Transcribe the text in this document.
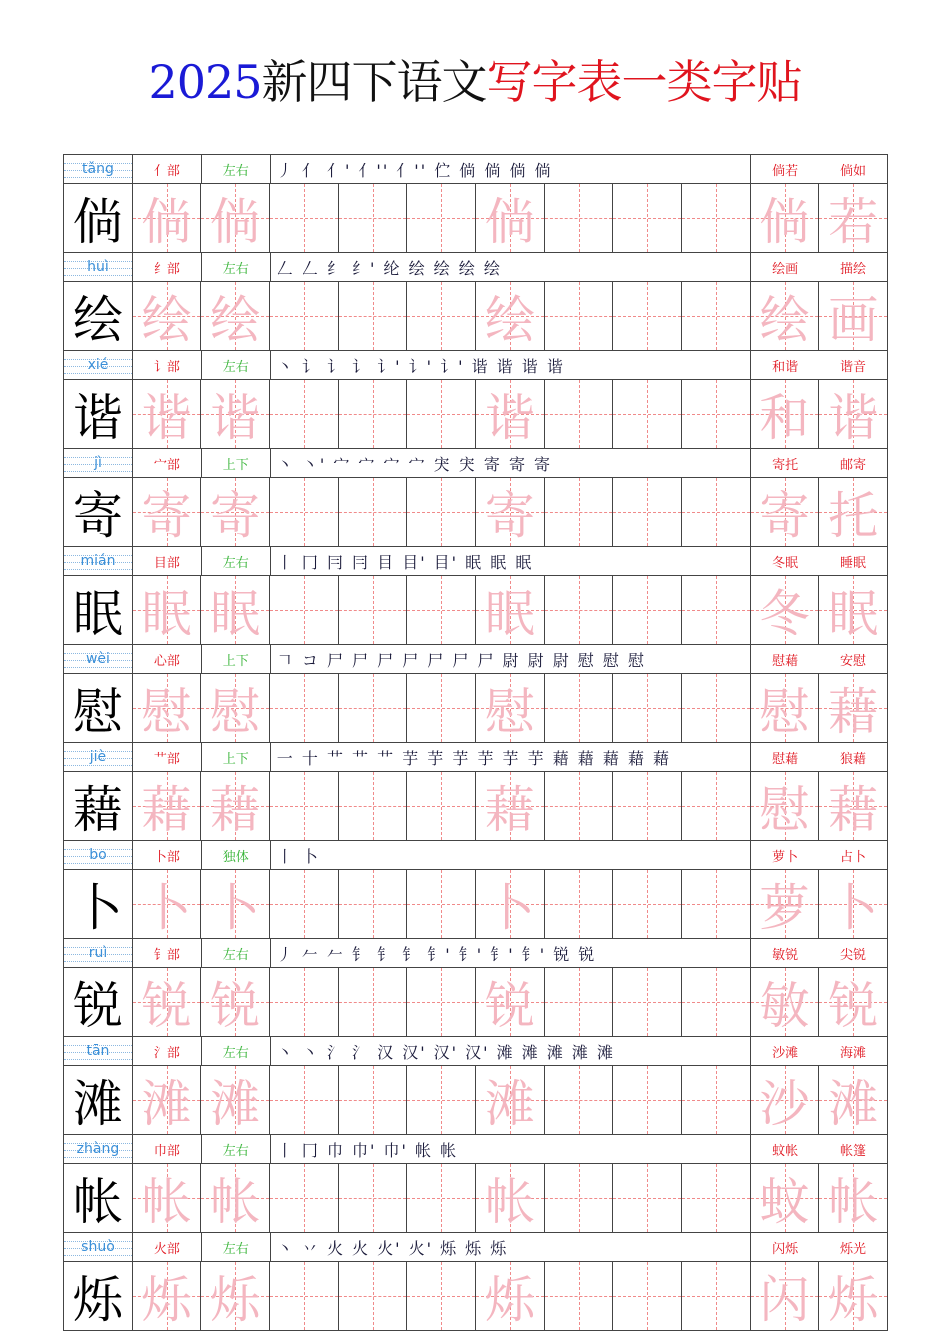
2025新四下语文写字表一类字贴
tǎng	亻部	左右 丿 亻 亻' 亻'' 亻'' 伫 倘 倘 倘 倘	倘若	倘如
倘 倘 倘	倘	倘 若
huì	纟部	左右 𠃋 𠃋 纟 纟' 纶 绘 绘 绘 绘	绘画	描绘
绘 绘 绘	绘	绘 画
xié	讠部	左右 丶 讠 讠 讠 讠' 讠' 讠' 谐 谐 谐 谐	和谐	谐音
谐 谐 谐	谐	和 谐
jì	宀部	上下 丶 丶' 宀 宀 宀 宀 宊 宊 寄 寄 寄	寄托	邮寄
寄 寄 寄	寄	寄 托
mián	目部	左右 丨 冂 冃 冃 目 目' 目' 眠 眠 眠	冬眠	睡眠
眠 眠 眠	眠	冬 眠
wèi	心部	上下 𠃍 コ 尸 尸 尸 尸 尸 尸 尸 尉 尉 尉 慰 慰 慰	慰藉	安慰
慰 慰 慰	慰	慰 藉
jiè	艹部	上下 一 十 艹 艹 艹 芋 芋 芋 芋 芋 芋 藉 藉 藉 藉 藉	慰藉	狼藉
藉 藉 藉	藉	慰 藉
bo	卜部	独体 丨 卜	萝卜	占卜
卜 卜 卜	卜	萝 卜
ruì	钅部	左右 丿 𠂉 𠂉 钅 钅 钅 钅' 钅' 钅' 钅' 锐 锐	敏锐	尖锐
锐 锐 锐	锐	敏 锐
tān	氵部	左右 丶 丶 氵 氵 汉 汉' 汉' 汉' 滩 滩 滩 滩 滩	沙滩	海滩
滩 滩 滩	滩	沙 滩
zhàng	巾部	左右 丨 冂 巾 巾' 巾' 帐 帐	蚊帐	帐篷
帐 帐 帐	帐	蚊 帐
shuò	火部	左右 丶 丷 火 火 火' 火' 烁 烁 烁	闪烁	烁光
烁 烁 烁	烁	闪 烁
